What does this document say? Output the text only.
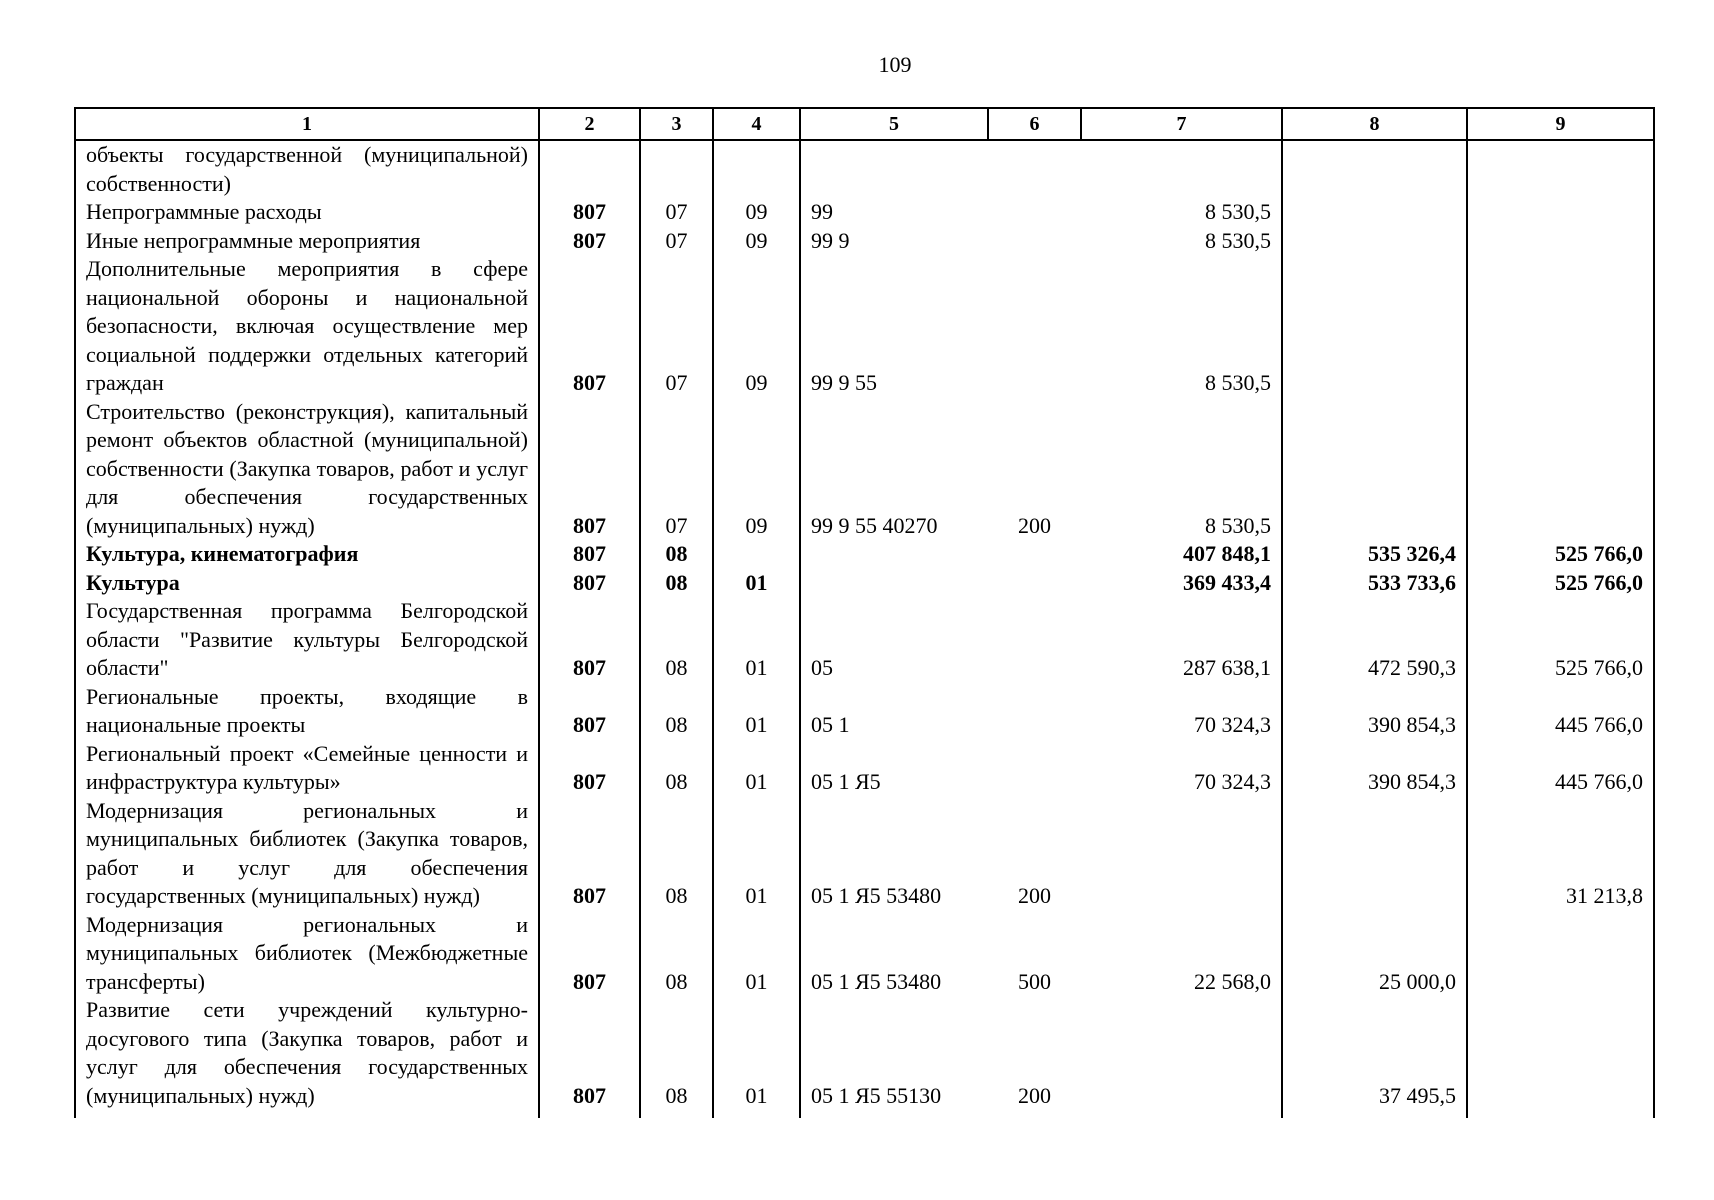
109
1	2	3	4	5	6	7	8	9
объекты государственной (муниципальной) собственности)								
Непрограммные расходы	807	07	09	99		8 530,5		
Иные непрограммные мероприятия	807	07	09	99 9		8 530,5		
Дополнительные мероприятия в сфере национальной обороны и национальной безопасности, включая осуществление мер социальной поддержки отдельных категорий граждан	807	07	09	99 9 55		8 530,5		
Строительство (реконструкция), капитальный ремонт объектов областной (муниципальной) собственности (Закупка товаров, работ и услуг для обеспечения государственных (муниципальных) нужд)	807	07	09	99 9 55 40270	200	8 530,5		
Культура, кинематография	807	08				407 848,1	535 326,4	525 766,0
Культура	807	08	01			369 433,4	533 733,6	525 766,0
Государственная программа Белгородской области "Развитие культуры Белгородской области"	807	08	01	05		287 638,1	472 590,3	525 766,0
Региональные проекты, входящие в национальные проекты	807	08	01	05 1		70 324,3	390 854,3	445 766,0
Региональный проект «Семейные ценности и инфраструктура культуры»	807	08	01	05 1 Я5		70 324,3	390 854,3	445 766,0
Модернизация региональных и муниципальных библиотек (Закупка товаров, работ и услуг для обеспечения государственных (муниципальных) нужд)	807	08	01	05 1 Я5 53480	200			31 213,8
Модернизация региональных и муниципальных библиотек (Межбюджетные трансферты)	807	08	01	05 1 Я5 53480	500	22 568,0	25 000,0	
Развитие сети учреждений культурно-досугового типа (Закупка товаров, работ и услуг для обеспечения государственных (муниципальных) нужд)	807	08	01	05 1 Я5 55130	200		37 495,5	
